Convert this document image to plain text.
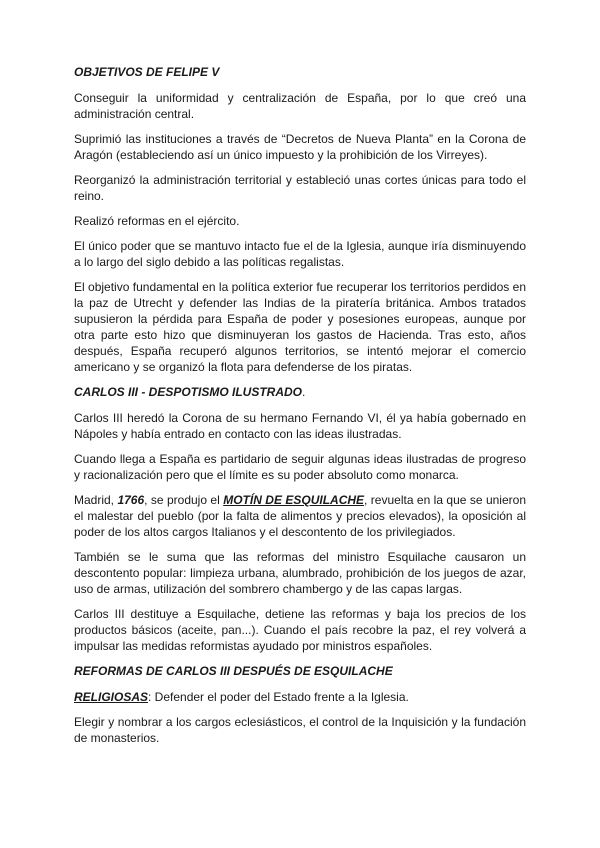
OBJETIVOS DE FELIPE V

Conseguir la uniformidad y centralización de España, por lo que creó una administración central.

Suprimió las instituciones a través de “Decretos de Nueva Planta” en la Corona de Aragón (estableciendo así un único impuesto y la prohibición de los Virreyes).

Reorganizó la administración territorial y estableció unas cortes únicas para todo el reino.

Realizó reformas en el ejército.

El único poder que se mantuvo intacto fue el de la Iglesia, aunque iría disminuyendo a lo largo del siglo debido a las políticas regalistas.

El objetivo fundamental en la política exterior fue recuperar los territorios perdidos en la paz de Utrecht y defender las Indias de la piratería británica. Ambos tratados supusieron la pérdida para España de poder y posesiones europeas, aunque por otra parte esto hizo que disminuyeran los gastos de Hacienda. Tras esto, años después, España recuperó algunos territorios, se intentó mejorar el comercio americano y se organizó la flota para defenderse de los piratas.

CARLOS III - DESPOTISMO ILUSTRADO.

Carlos III heredó la Corona de su hermano Fernando VI, él ya había gobernado en Nápoles y había entrado en contacto con las ideas ilustradas.

Cuando llega a España es partidario de seguir algunas ideas ilustradas de progreso y racionalización pero que el límite es su poder absoluto como monarca.

Madrid, 1766, se produjo el MOTÍN DE ESQUILACHE, revuelta en la que se unieron el malestar del pueblo (por la falta de alimentos y precios elevados), la oposición al poder de los altos cargos Italianos y el descontento de los privilegiados.

También se le suma que las reformas del ministro Esquilache causaron un descontento popular: limpieza urbana, alumbrado, prohibición de los juegos de azar, uso de armas, utilización del sombrero chambergo y de las capas largas.

Carlos III destituye a Esquilache, detiene las reformas y baja los precios de los productos básicos (aceite, pan...). Cuando el país recobre la paz, el rey volverá a impulsar las medidas reformistas ayudado por ministros españoles.

REFORMAS DE CARLOS III DESPUÉS DE ESQUILACHE

RELIGIOSAS: Defender el poder del Estado frente a la Iglesia.

Elegir y nombrar a los cargos eclesiásticos, el control de la Inquisición y la fundación de monasterios.
